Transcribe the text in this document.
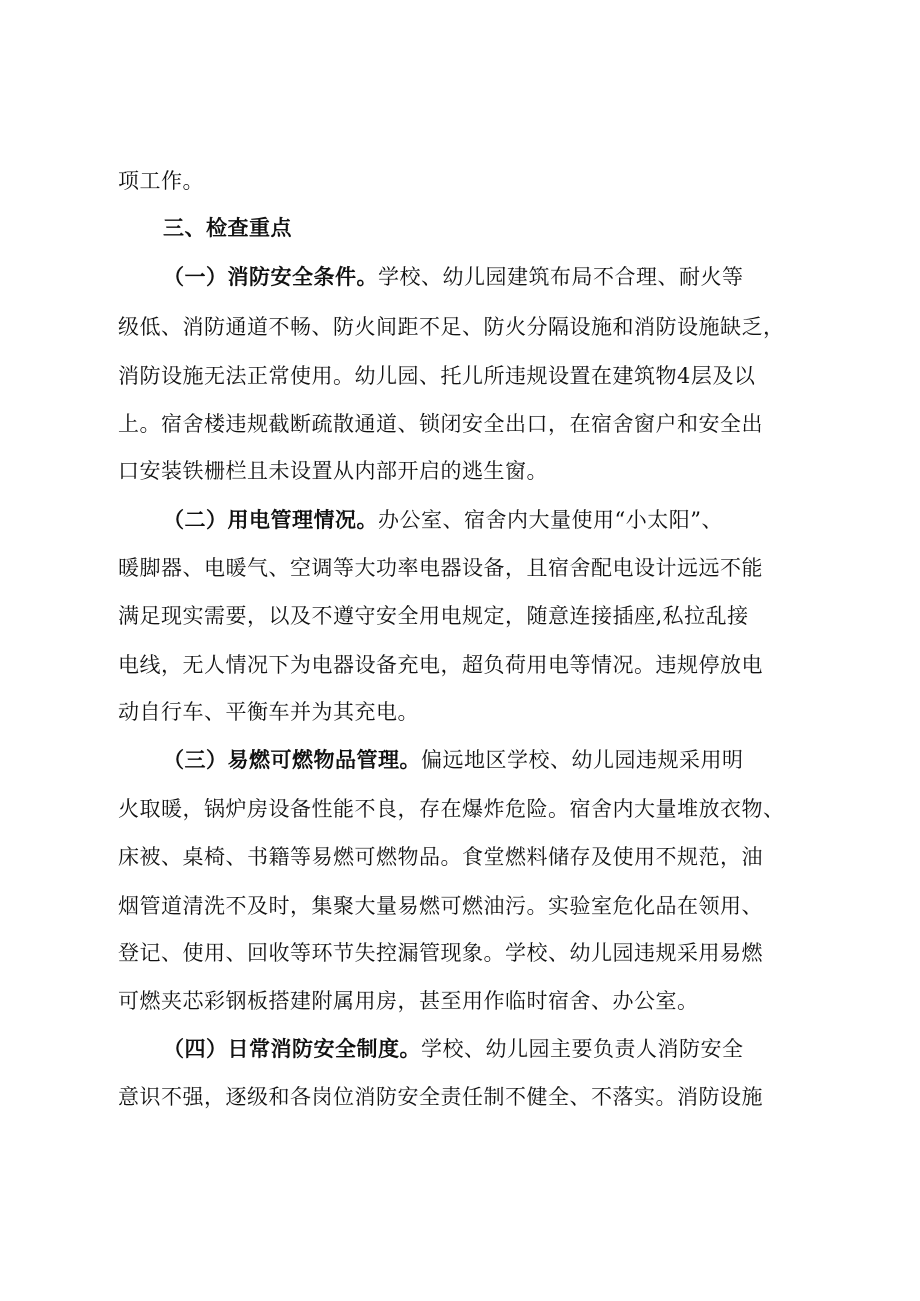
项工作。
三、检查重点
（一）消防安全条件。学校、幼儿园建筑布局不合理、耐火等
级低、消防通道不畅、防火间距不足、防火分隔设施和消防设施缺乏，
消防设施无法正常使用。幼儿园、托儿所违规设置在建筑物4层及以
上。宿舍楼违规截断疏散通道、锁闭安全出口，在宿舍窗户和安全出
口安装铁栅栏且未设置从内部开启的逃生窗。
（二）用电管理情况。办公室、宿舍内大量使用“小太阳”、
暖脚器、电暖气、空调等大功率电器设备，且宿舍配电设计远远不能
满足现实需要，以及不遵守安全用电规定，随意连接插座,私拉乱接
电线，无人情况下为电器设备充电，超负荷用电等情况。违规停放电
动自行车、平衡车并为其充电。
（三）易燃可燃物品管理。偏远地区学校、幼儿园违规采用明
火取暖，锅炉房设备性能不良，存在爆炸危险。宿舍内大量堆放衣物、
床被、桌椅、书籍等易燃可燃物品。食堂燃料储存及使用不规范，油
烟管道清洗不及时，集聚大量易燃可燃油污。实验室危化品在领用、
登记、使用、回收等环节失控漏管现象。学校、幼儿园违规采用易燃
可燃夹芯彩钢板搭建附属用房，甚至用作临时宿舍、办公室。
（四）日常消防安全制度。学校、幼儿园主要负责人消防安全
意识不强，逐级和各岗位消防安全责任制不健全、不落实。消防设施
